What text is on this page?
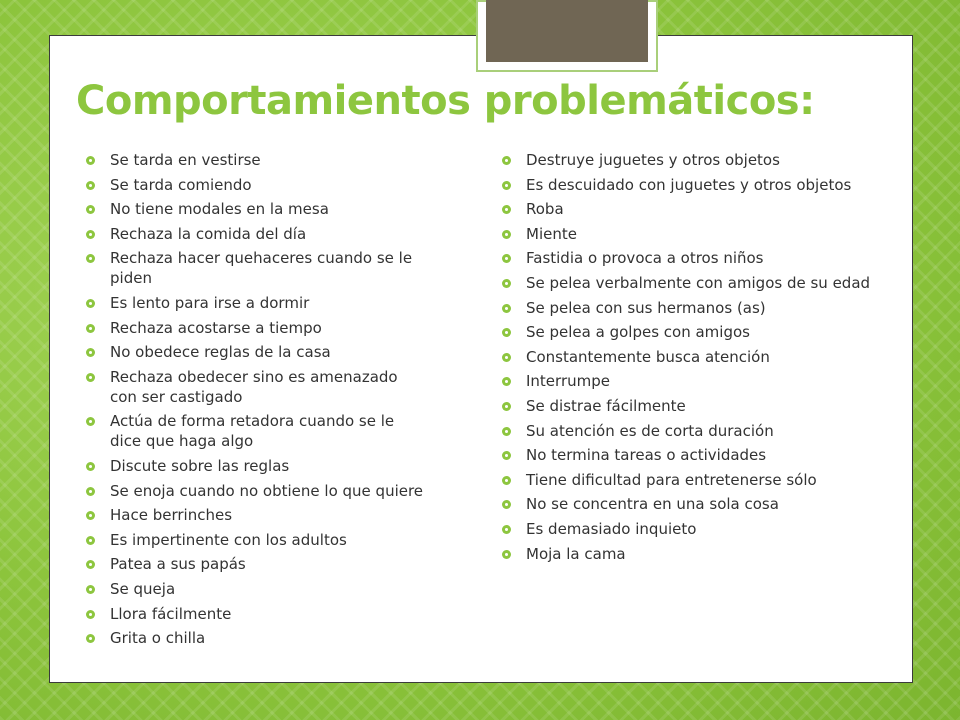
Comportamientos problemáticos:
Se tarda en vestirse
Se tarda comiendo
No tiene modales en la mesa
Rechaza la comida del día
Rechaza hacer quehaceres cuando se le piden
Es lento para irse a dormir
Rechaza acostarse a tiempo
No obedece reglas de la casa
Rechaza obedecer sino es amenazado con ser castigado
Actúa de forma retadora cuando se le dice que haga algo
Discute sobre las reglas
Se enoja cuando no obtiene lo que quiere
Hace berrinches
Es impertinente con los adultos
Patea a sus papás
Se queja
Llora fácilmente
Grita o chilla
Destruye juguetes y otros objetos
Es descuidado con juguetes y otros objetos
Roba
Miente
Fastidia o provoca a otros niños
Se pelea verbalmente con amigos de su edad
Se pelea con sus hermanos (as)
Se pelea a golpes con amigos
Constantemente busca atención
Interrumpe
Se distrae fácilmente
Su atención es de corta duración
No termina tareas o actividades
Tiene dificultad para entretenerse sólo
No se concentra en una sola cosa
Es demasiado inquieto
Moja la cama
